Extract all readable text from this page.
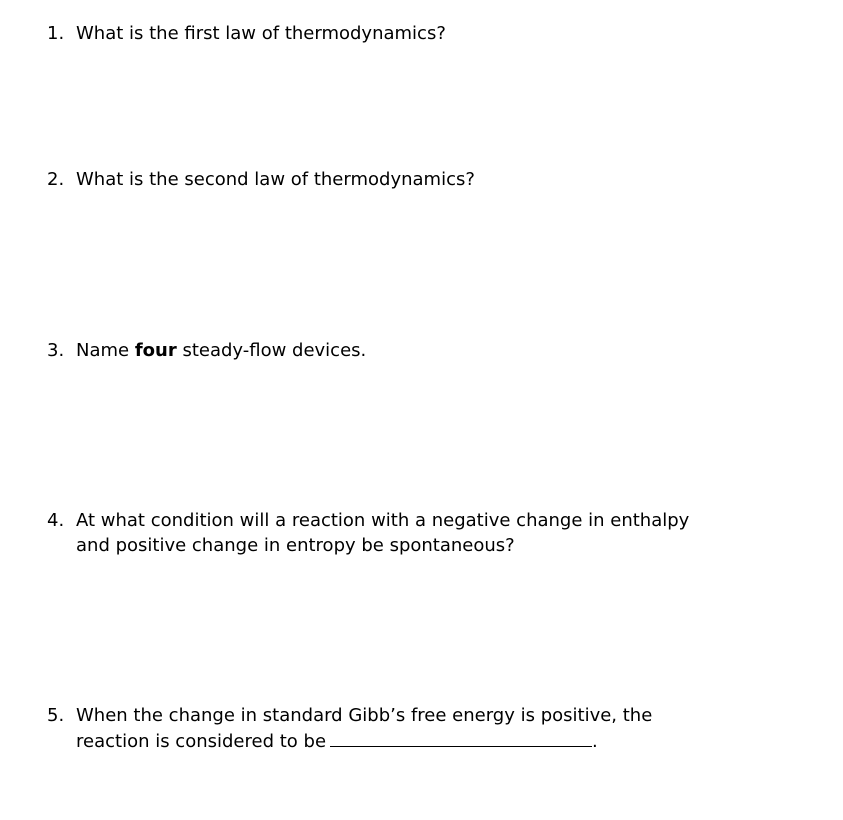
1. What is the first law of thermodynamics?
2. What is the second law of thermodynamics?
3. Name four steady-flow devices.
4. At what condition will a reaction with a negative change in enthalpy
and positive change in entropy be spontaneous?
5. When the change in standard Gibb’s free energy is positive, the
reaction is considered to be	.
